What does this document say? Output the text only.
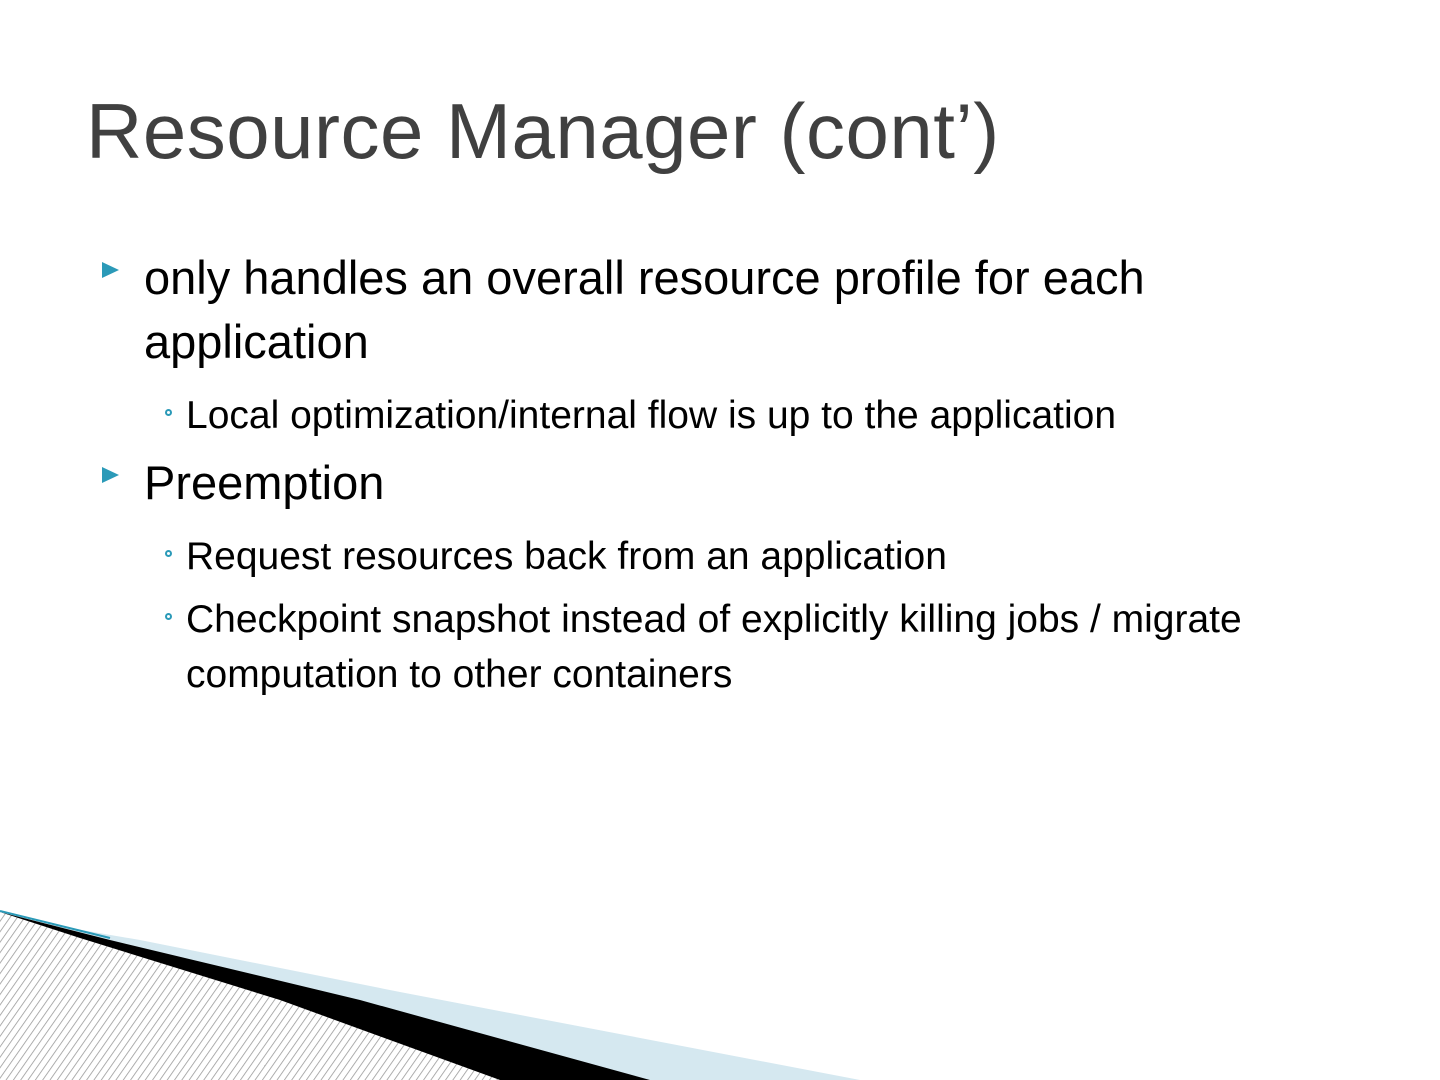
Resource Manager (cont’)
only handles an overall resource profile for each application
Local optimization/internal flow is up to the application
Preemption
Request resources back from an application
Checkpoint snapshot instead of explicitly killing jobs / migrate computation to other containers
